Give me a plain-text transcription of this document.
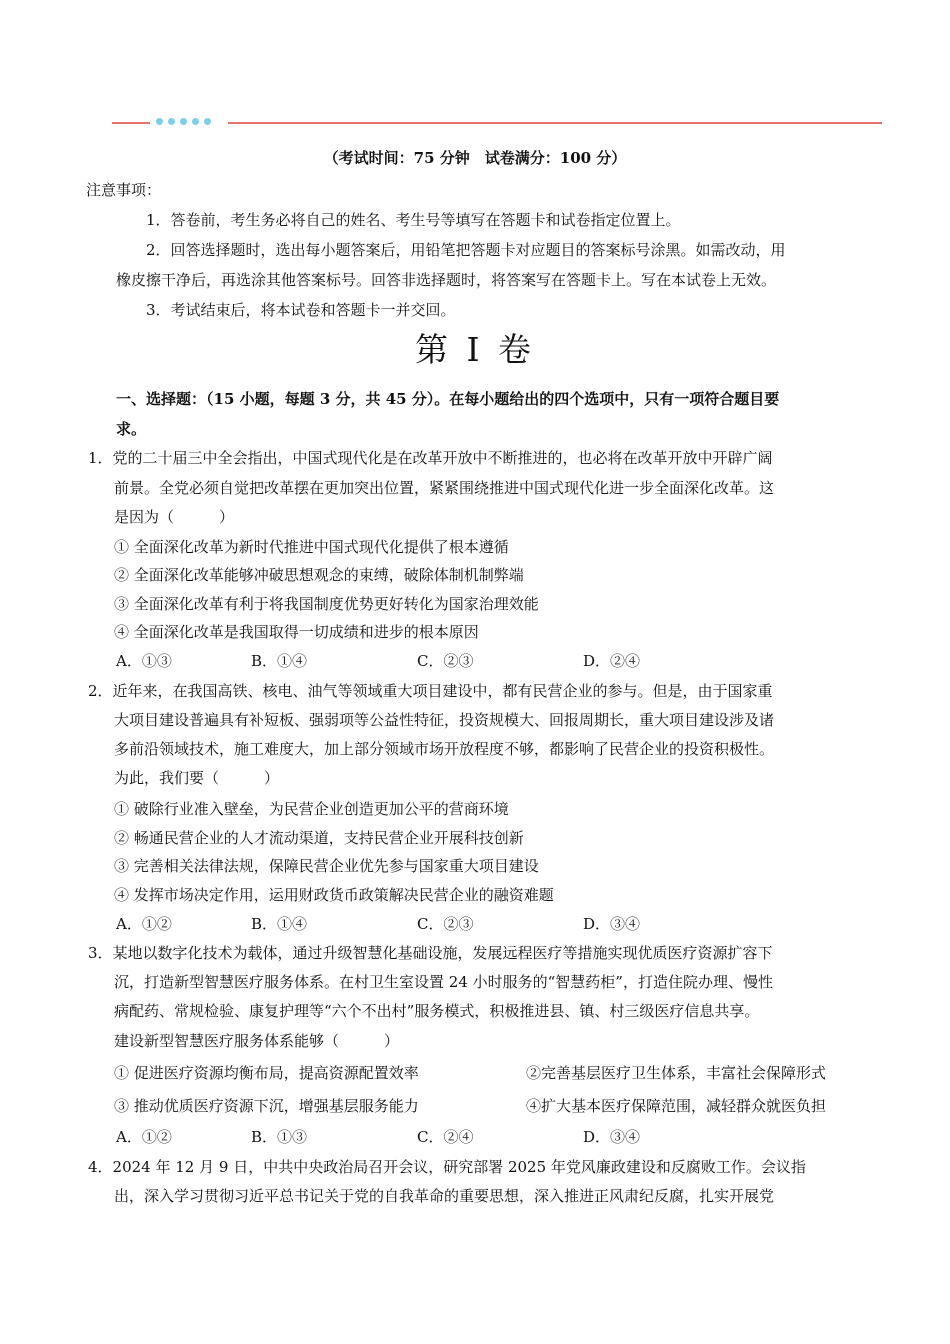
（考试时间：75 分钟　试卷满分：100 分）
注意事项：
1．答卷前，考生务必将自己的姓名、考生号等填写在答题卡和试卷指定位置上。
2．回答选择题时，选出每小题答案后，用铅笔把答题卡对应题目的答案标号涂黑。如需改动，用
橡皮擦干净后，再选涂其他答案标号。回答非选择题时，将答案写在答题卡上。写在本试卷上无效。
3．考试结束后，将本试卷和答题卡一并交回。
第 I 卷
一、选择题：（15 小题，每题 3 分，共 45 分）。在每小题给出的四个选项中，只有一项符合题目要
求。
1．党的二十届三中全会指出，中国式现代化是在改革开放中不断推进的，也必将在改革开放中开辟广阔
前景。全党必须自觉把改革摆在更加突出位置，紧紧围绕推进中国式现代化进一步全面深化改革。这
是因为（　　　）
① 全面深化改革为新时代推进中国式现代化提供了根本遵循
② 全面深化改革能够冲破思想观念的束缚，破除体制机制弊端
③ 全面深化改革有利于将我国制度优势更好转化为国家治理效能
④ 全面深化改革是我国取得一切成绩和进步的根本原因
A．①③	B．①④	C．②③	D．②④
2．近年来，在我国高铁、核电、油气等领域重大项目建设中，都有民营企业的参与。但是，由于国家重
大项目建设普遍具有补短板、强弱项等公益性特征，投资规模大、回报周期长，重大项目建设涉及诸
多前沿领域技术，施工难度大，加上部分领域市场开放程度不够，都影响了民营企业的投资积极性。
为此，我们要（　　　）
① 破除行业准入壁垒，为民营企业创造更加公平的营商环境
② 畅通民营企业的人才流动渠道，支持民营企业开展科技创新
③ 完善相关法律法规，保障民营企业优先参与国家重大项目建设
④ 发挥市场决定作用，运用财政货币政策解决民营企业的融资难题
A．①②	B．①④	C．②③	D．③④
3．某地以数字化技术为载体，通过升级智慧化基础设施，发展远程医疗等措施实现优质医疗资源扩容下
沉，打造新型智慧医疗服务体系。在村卫生室设置 24 小时服务的“智慧药柜”，打造住院办理、慢性
病配药、常规检验、康复护理等“六个不出村”服务模式，积极推进县、镇、村三级医疗信息共享。
建设新型智慧医疗服务体系能够（　　　）
① 促进医疗资源均衡布局，提高资源配置效率	②完善基层医疗卫生体系，丰富社会保障形式
③ 推动优质医疗资源下沉，增强基层服务能力	④扩大基本医疗保障范围，减轻群众就医负担
A．①②	B．①③	C．②④	D．③④
4．2024 年 12 月 9 日，中共中央政治局召开会议，研究部署 2025 年党风廉政建设和反腐败工作。会议指
出，深入学习贯彻习近平总书记关于党的自我革命的重要思想，深入推进正风肃纪反腐，扎实开展党
